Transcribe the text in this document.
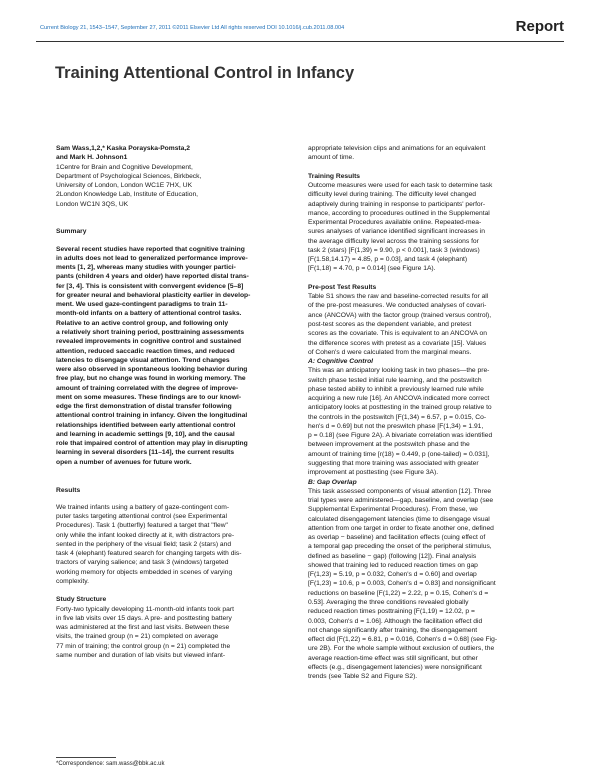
Current Biology 21, 1543–1547, September 27, 2011 ©2011 Elsevier Ltd All rights reserved DOI 10.1016/j.cub.2011.08.004	Report
Training Attentional Control in Infancy

Sam Wass,1,2,* Kaska Porayska-Pomsta,2

and Mark H. Johnson1

1Centre for Brain and Cognitive Development,

Department of Psychological Sciences, Birkbeck,

University of London, London WC1E 7HX, UK

2London Knowledge Lab, Institute of Education,

London WC1N 3QS, UK

Summary

Several recent studies have reported that cognitive training

in adults does not lead to generalized performance improve-

ments [1, 2], whereas many studies with younger partici-

pants (children 4 years and older) have reported distal trans-

fer [3, 4]. This is consistent with convergent evidence [5–8]

for greater neural and behavioral plasticity earlier in develop-

ment. We used gaze-contingent paradigms to train 11-

month-old infants on a battery of attentional control tasks.

Relative to an active control group, and following only

a relatively short training period, posttraining assessments

revealed improvements in cognitive control and sustained

attention, reduced saccadic reaction times, and reduced

latencies to disengage visual attention. Trend changes

were also observed in spontaneous looking behavior during

free play, but no change was found in working memory. The

amount of training correlated with the degree of improve-

ment on some measures. These findings are to our knowl-

edge the first demonstration of distal transfer following

attentional control training in infancy. Given the longitudinal

relationships identified between early attentional control

and learning in academic settings [9, 10], and the causal

role that impaired control of attention may play in disrupting

learning in several disorders [11–14], the current results

open a number of avenues for future work.

Results

We trained infants using a battery of gaze-contingent com-

puter tasks targeting attentional control (see Experimental

Procedures). Task 1 (butterfly) featured a target that "flew"

only while the infant looked directly at it, with distractors pre-

sented in the periphery of the visual field; task 2 (stars) and

task 4 (elephant) featured search for changing targets with dis-

tractors of varying salience; and task 3 (windows) targeted

working memory for objects embedded in scenes of varying

complexity.

Study Structure

Forty-two typically developing 11-month-old infants took part

in five lab visits over 15 days. A pre- and posttesting battery

was administered at the first and last visits. Between these

visits, the trained group (n = 21) completed on average

77 min of training; the control group (n = 21) completed the

same number and duration of lab visits but viewed infant-

appropriate television clips and animations for an equivalent

amount of time.

Training Results

Outcome measures were used for each task to determine task

difficulty level during training. The difficulty level changed

adaptively during training in response to participants' perfor-

mance, according to procedures outlined in the Supplemental

Experimental Procedures available online. Repeated-mea-

sures analyses of variance identified significant increases in

the average difficulty level across the training sessions for

task 2 (stars) [F(1,39) = 9.90, p < 0.001], task 3 (windows)

[F(1.58,14.17) = 4.85, p = 0.03], and task 4 (elephant)

[F(1,18) = 4.70, p = 0.014] (see Figure 1A).

Pre-post Test Results

Table S1 shows the raw and baseline-corrected results for all

of the pre-post measures. We conducted analyses of covari-

ance (ANCOVA) with the factor group (trained versus control),

post-test scores as the dependent variable, and pretest

scores as the covariate. This is equivalent to an ANCOVA on

the difference scores with pretest as a covariate [15]. Values

of Cohen's d were calculated from the marginal means.

A: Cognitive Control

This was an anticipatory looking task in two phases—the pre-

switch phase tested initial rule learning, and the postswitch

phase tested ability to inhibit a previously learned rule while

acquiring a new rule [16]. An ANCOVA indicated more correct

anticipatory looks at posttesting in the trained group relative to

the controls in the postswitch [F(1,34) = 6.57, p = 0.015, Co-

hen's d = 0.69] but not the preswitch phase [F(1,34) = 1.91,

p = 0.18] (see Figure 2A). A bivariate correlation was identified

between improvement at the postswitch phase and the

amount of training time [r(18) = 0.449, p (one-tailed) = 0.031],

suggesting that more training was associated with greater

improvement at posttesting (see Figure 3A).

B: Gap Overlap

This task assessed components of visual attention [12]. Three

trial types were administered—gap, baseline, and overlap (see

Supplemental Experimental Procedures). From these, we

calculated disengagement latencies (time to disengage visual

attention from one target in order to fixate another one, defined

as overlap − baseline) and facilitation effects (cuing effect of

a temporal gap preceding the onset of the peripheral stimulus,

defined as baseline − gap) (following [12]). Final analysis

showed that training led to reduced reaction times on gap

[F(1,23) = 5.19, p = 0.032, Cohen's d = 0.60] and overlap

[F(1,23) = 10.6, p = 0.003, Cohen's d = 0.83] and nonsignificant

reductions on baseline [F(1,22) = 2.22, p = 0.15, Cohen's d =

0.53]. Averaging the three conditions revealed globally

reduced reaction times posttraining [F(1,19) = 12.02, p =

0.003, Cohen's d = 1.06]. Although the facilitation effect did

not change significantly after training, the disengagement

effect did [F(1,22) = 6.81, p = 0.016, Cohen's d = 0.68] (see Fig-

ure 2B). For the whole sample without exclusion of outliers, the

average reaction-time effect was still significant, but other

effects (e.g., disengagement latencies) were nonsignificant

trends (see Table S2 and Figure S2).

*Correspondence: sam.wass@bbk.ac.uk
